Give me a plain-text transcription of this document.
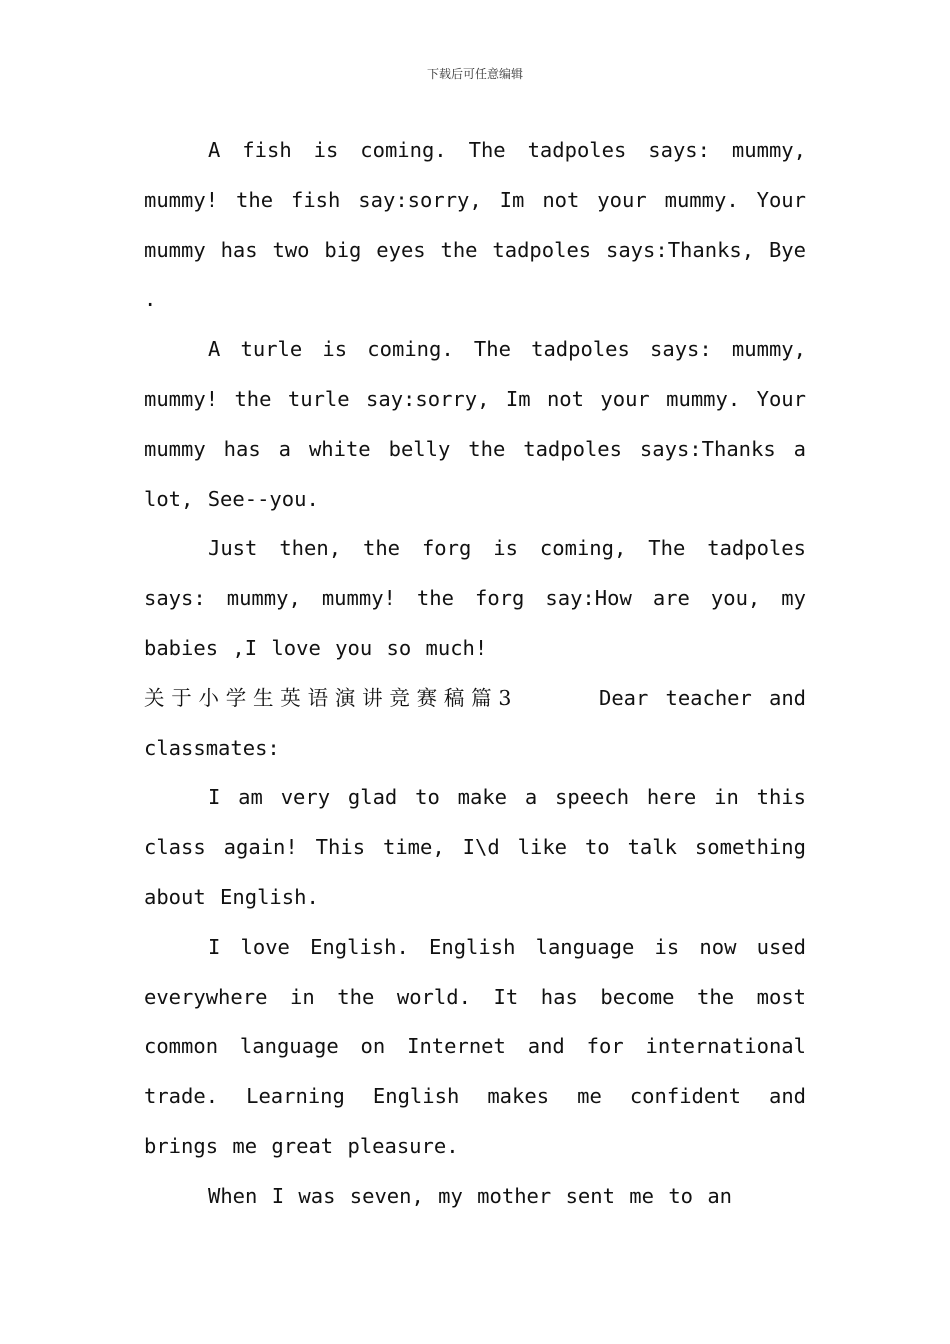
下载后可任意编辑

A fish is coming. The tadpoles says: mummy, mummy! the fish say:sorry, Im not your mummy. Your mummy has two big eyes the tadpoles says:Thanks, Bye .

A turle is coming. The tadpoles says: mummy, mummy! the turle say:sorry, Im not your mummy. Your mummy has a white belly the tadpoles says:Thanks a lot, See--you.

Just then, the forg is coming, The tadpoles says: mummy, mummy! the forg say:How are you, my babies ,I love you so much!

关于小学生英语演讲竞赛稿篇3	Dear teacher and classmates:

I am very glad to make a speech here in this class again! This time, I\d like to talk something about English.

I love English. English language is now used everywhere in the world. It has become the most common language on Internet and for international trade. Learning English makes me confident and brings me great pleasure.

When I was seven, my mother sent me to an
